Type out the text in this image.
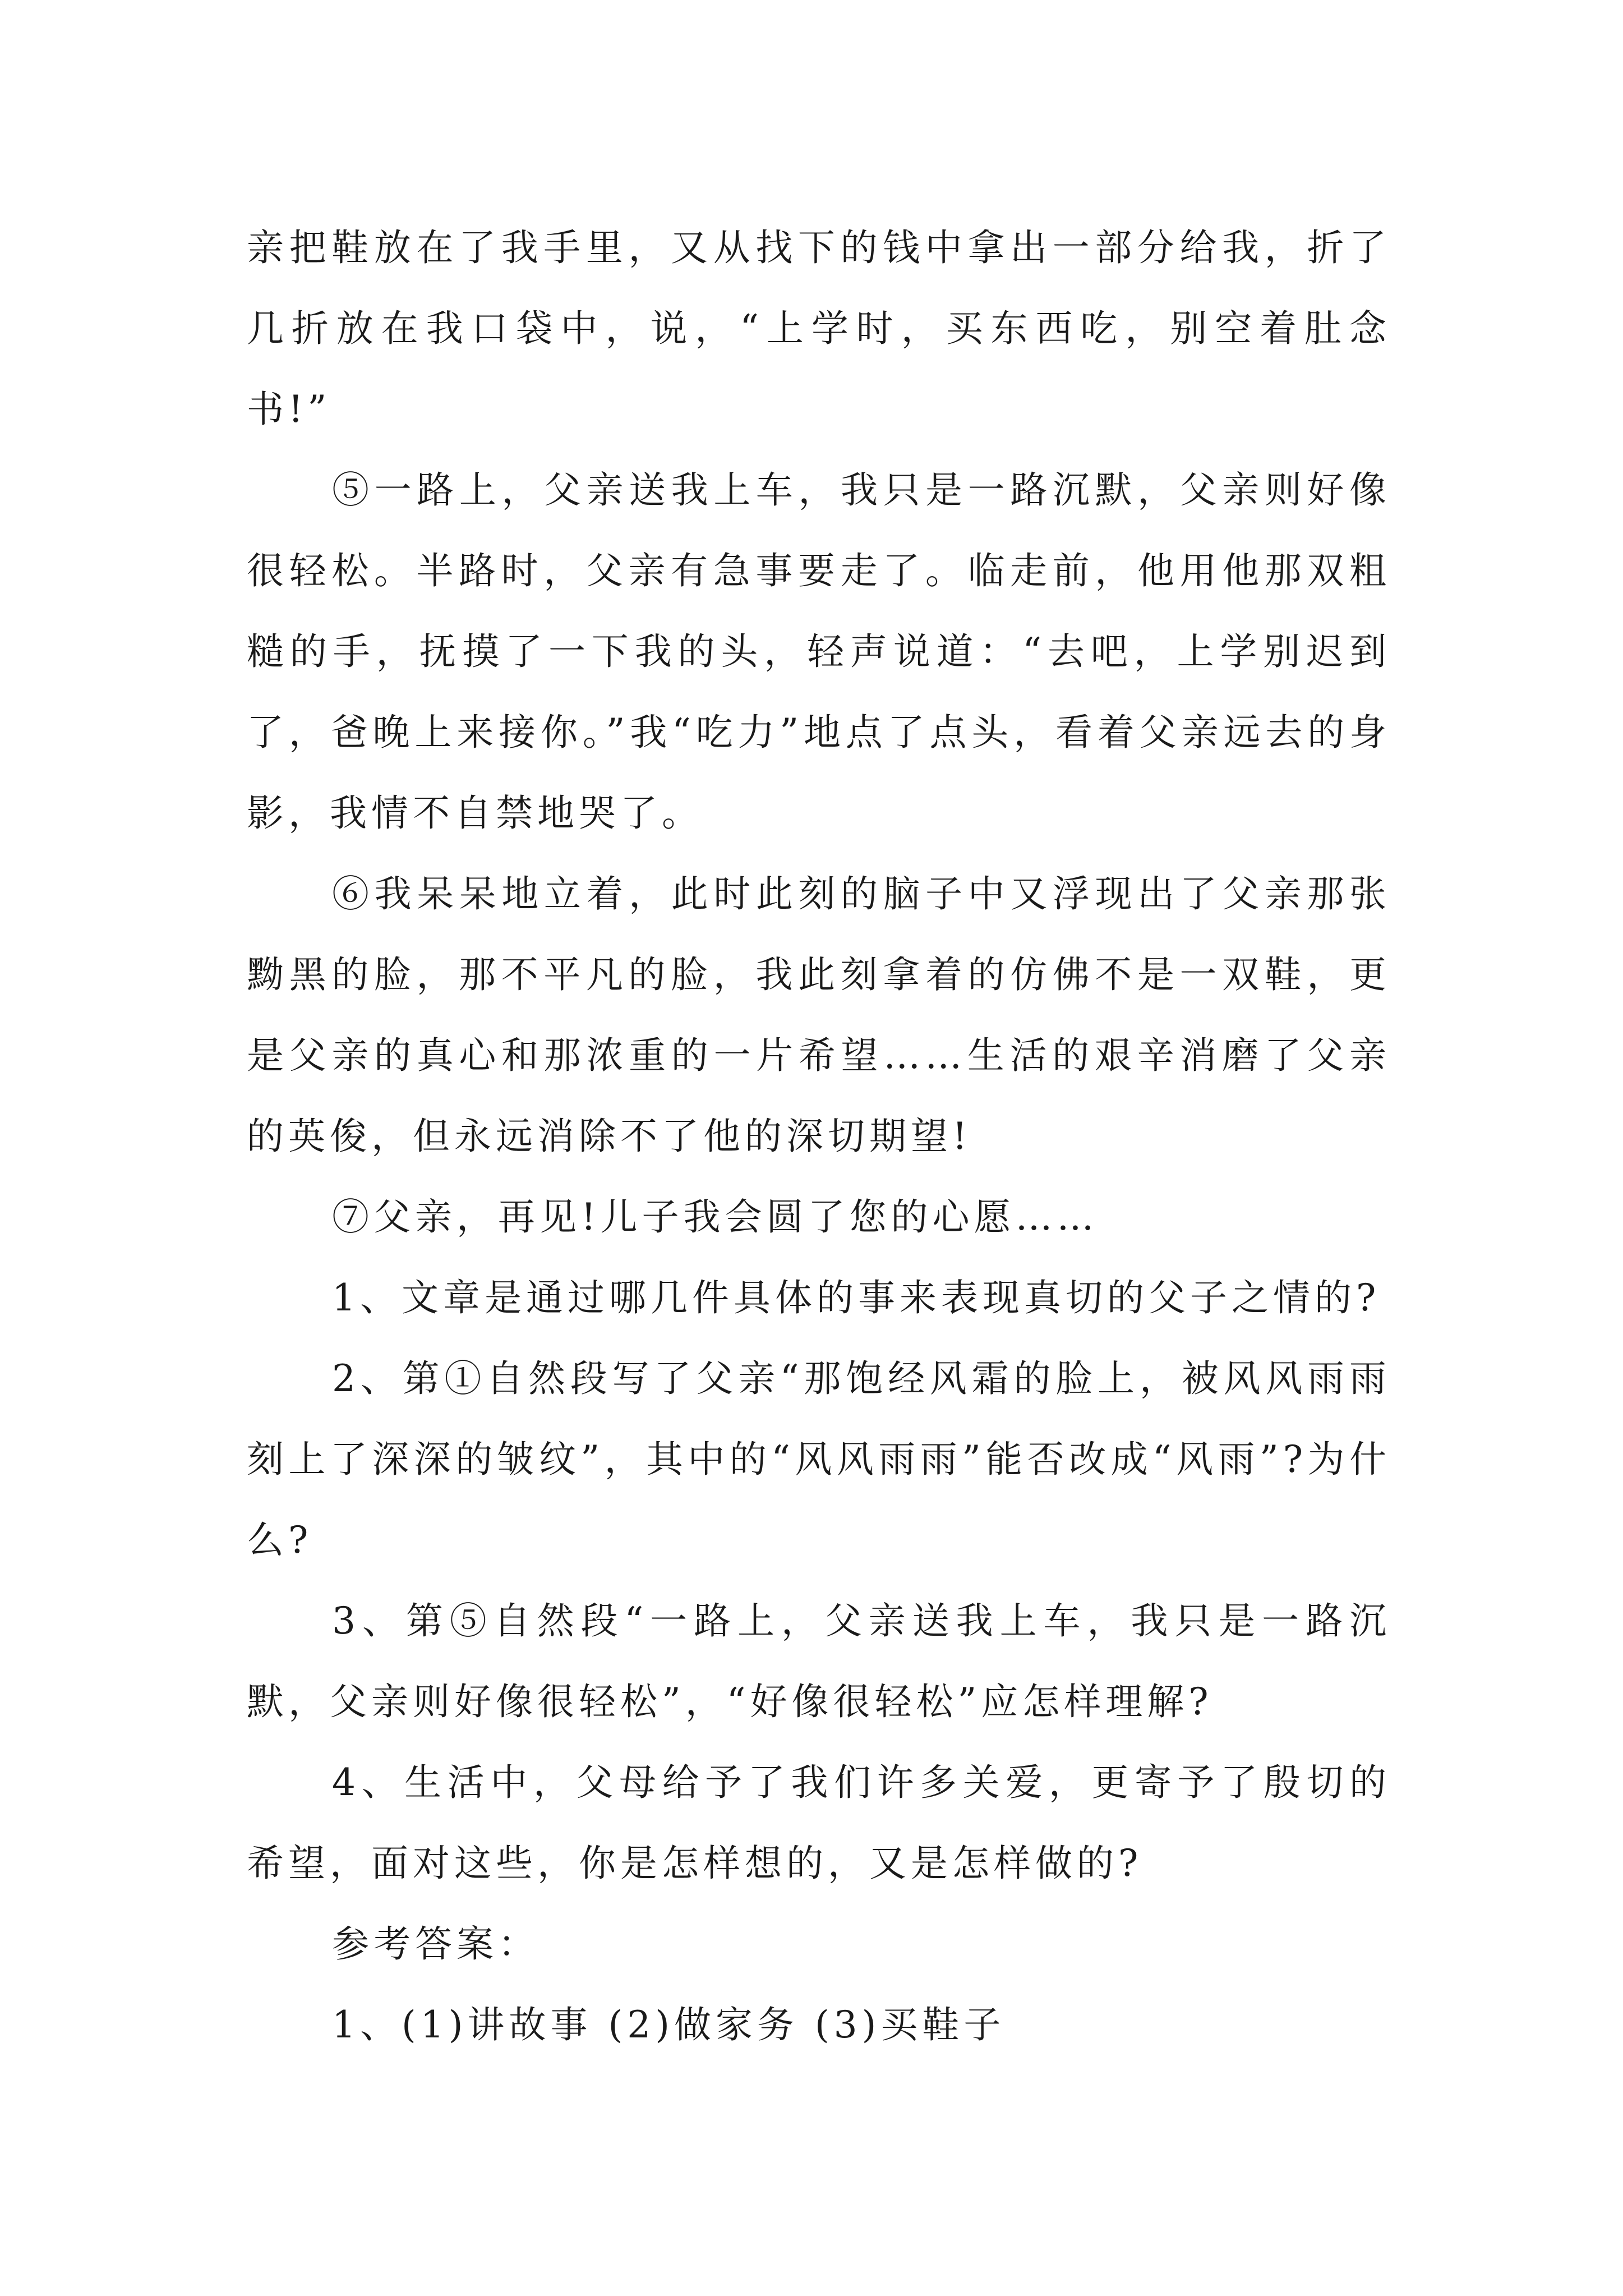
亲把鞋放在了我手里，又从找下的钱中拿出一部分给我，折了几折放在我口袋中，说，“上学时，买东西吃，别空着肚念书!”

⑤一路上，父亲送我上车，我只是一路沉默，父亲则好像很轻松。半路时，父亲有急事要走了。临走前，他用他那双粗糙的手，抚摸了一下我的头，轻声说道：“去吧，上学别迟到了，爸晚上来接你。”我“吃力”地点了点头，看着父亲远去的身影，我情不自禁地哭了。

⑥我呆呆地立着，此时此刻的脑子中又浮现出了父亲那张黝黑的脸，那不平凡的脸，我此刻拿着的仿佛不是一双鞋，更是父亲的真心和那浓重的一片希望……生活的艰辛消磨了父亲的英俊，但永远消除不了他的深切期望!

⑦父亲，再见!儿子我会圆了您的心愿……

1、文章是通过哪几件具体的事来表现真切的父子之情的?

2、第①自然段写了父亲“那饱经风霜的脸上，被风风雨雨刻上了深深的皱纹”，其中的“风风雨雨”能否改成“风雨”?为什么?

3、第⑤自然段“一路上，父亲送我上车，我只是一路沉默，父亲则好像很轻松”，“好像很轻松”应怎样理解?

4、生活中，父母给予了我们许多关爱，更寄予了殷切的希望，面对这些，你是怎样想的，又是怎样做的?

参考答案：

1、(1)讲故事 (2)做家务 (3)买鞋子
